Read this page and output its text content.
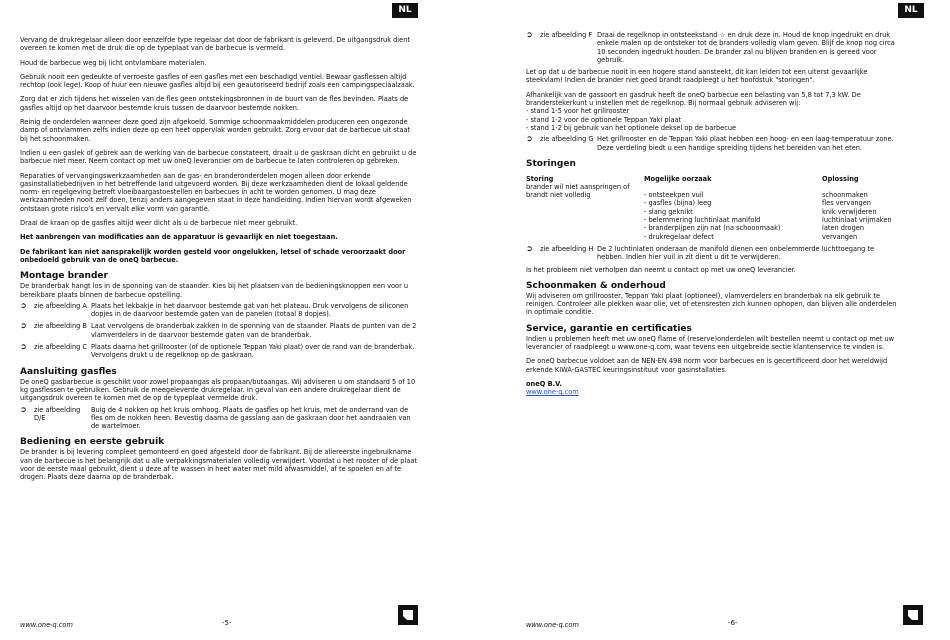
NL

Vervang de drukregelaar alleen door eenzelfde type regelaar dat door de fabrikant is geleverd. De uitgangsdruk dient overeen te komen met de druk die op de typeplaat van de barbecue is vermeld.

Houd de barbecue weg bij licht ontvlambare materialen.

Gebruik nooit een gedeukte of verroeste gasfles of een gasfles met een beschadigd ventiel. Bewaar gasflessen altijd rechtop (ook lege). Koop of huur een nieuwe gasfles altijd bij een geautoriseerd bedrijf zoals een campingspeciaalzaak.

Zorg dat er zich tijdens het wisselen van de fles geen ontstekingsbronnen in de buurt van de fles bevinden. Plaats de gasfles altijd op het daarvoor bestemde kruis tussen de daarvoor bestemde nokken.

Reinig de onderdelen wanneer deze goed zijn afgekoeld. Sommige schoonmaakmiddelen produceren een ongezonde damp of ontvlammen zelfs indien deze op een heet oppervlak worden gebruikt. Zorg ervoor dat de barbecue uit staat bij het schoonmaken.

Indien u een gaslek of gebrek aan de werking van de barbecue constateert, draait u de gaskraan dicht en gebruikt u de barbecue niet meer. Neem contact op met uw oneQ leverancier om de barbecue te laten controleren op gebreken.

Reparaties of vervangingswerkzaamheden aan de gas- en branderonderdelen mogen alleen door erkende gasinstallatiebedrijven in het betreffende land uitgevoerd worden. Bij deze werkzaamheden dient de lokaal geldende norm- en regelgeving betreft vloeibaargastoestellen en barbecues in acht te worden genomen. U mag deze werkzaamheden nooit zelf doen, tenzij anders aangegeven staat in deze handleiding. Indien hiervan wordt afgeweken ontstaan grote risico’s en vervalt elke vorm van garantie.

Draai de kraan op de gasfles altijd weer dicht als u de barbecue niet meer gebruikt.

Het aanbrengen van modificaties aan de apparatuur is gevaarlijk en niet toegestaan.

De fabrikant kan niet aansprakelijk worden gesteld voor ongelukken, letsel of schade veroorzaakt door onbedoeld gebruik van de oneQ barbecue.

Montage brander

De branderbak hangt los in de sponning van de staander. Kies bij het plaatsen van de bedieningsknoppen een voor u bereikbare plaats binnen de barbecue opstelling.

➲	zie afbeelding A Plaats het lekbakje in het daarvoor bestemde gat van het plateau. Druk vervolgens de siliconen dopjes in de daarvoor bestemde gaten van de panelen (totaal 8 dopjes).
➲	zie afbeelding B Laat vervolgens de branderbak zakken in de sponning van de staander. Plaats de punten van de 2 vlamverdelers in de daarvoor bestemde gaten van de branderbak.
➲	zie afbeelding C Plaats daarna het grillrooster (of de optionele Teppan Yaki plaat) over de rand van de branderbak. Vervolgens drukt u de regelknop op de gaskraan.
Aansluiting gasfles

De oneQ gasbarbecue is geschikt voor zowel propaangas als propaan/butaangas. Wij adviseren u om standaard 5 of 10 kg gasflessen te gebruiken. Gebruik de meegeleverde drukregelaar. In geval van een andere drukregelaar dient de uitgangsdruk overeen te komen met de op de typeplaat vermelde druk.

➲	zie afbeelding D/E
Buig de 4 nokken op het kruis omhoog. Plaats de gasfles op het kruis, met de onderrand van de fles om de nokken heen. Bevestig daarna de gasslang aan de gaskraan door het aandraaien van de wartelmoer.
Bediening en eerste gebruik

De brander is bij levering compleet gemonteerd en goed afgesteld door de fabrikant. Bij de allereerste ingebruikname van de barbecue is het belangrijk dat u alle verpakkingsmaterialen volledig verwijdert. Voordat u het rooster of de plaat voor de eerste maal gebruikt, dient u deze af te wassen in heet water met mild afwasmiddel, af te spoelen en af te drogen. Plaats deze daarna op de branderbak.

www.one-q.com	-5-
NL
➲	zie afbeelding F Draai de regelknop in ontsteekstand ☆ en druk deze in. Houd de knop ingedrukt en druk enkele malen op de ontsteker tot de branders volledig vlam geven. Blijf de knop nog circa 10 seconden ingedrukt houden. De brander zal nu blijven branden en is gereed voor gebruik.

Let op dat u de barbecue nooit in een hogere stand aansteekt, dit kan leiden tot een uiterst gevaarlijke steekvlam! Indien de brander niet goed brandt raadpleegt u het hoofdstuk "storingen".

Afhankelijk van de gassoort en gasdruk heeft de oneQ barbecue een belasting van 5,8 tot 7,3 kW. De branderstekerkunt u instellen met de regelknop. Bij normaal gebruik adviseren wij:

- stand 1-5 voor het grillrooster
- stand 1-2 voor de optionele Teppan Yaki plaat
- stand 1-2 bij gebruik van het optionele deksel op de barbecue
➲	zie afbeelding G Het grillrooster en de Teppan Yaki plaat hebben een hoog- en een laag-temperatuur zone. Deze verdeling biedt u een handige spreiding tijdens het bereiden van het eten.
Storingen
Storing	Mogelijke oorzaak	Oplossing
brander wil niet aanspringen of brandt niet volledig		
	- ontsteekpen vuil	schoonmaken
	- gasfles (bijna) leeg	fles vervangen
	- slang geknikt	knik verwijderen
	- belemmering luchtinlaat manifold	luchtinlaat vrijmaken
	- branderpijpen zijn nat (na schoonmaak)	laten drogen
	- drukregelaar defect	vervangen
➲	zie afbeelding H De 2 luchtinlaten onderaan de manifold dienen een onbelemmerde luchttoegang te hebben. Indien hier vuil in zit dient u dit te verwijderen.

Is het probleem niet verholpen dan neemt u contact op met uw oneQ leverancier.

Schoonmaken & onderhoud

Wij adviseren om grillrooster, Teppan Yaki plaat (optioneel), vlamverdelers en branderbak na elk gebruik te reinigen. Controleer alle plekken waar olie, vet of etensresten zich kunnen ophopen, dan blijven alle onderdelen in optimale conditie.

Service, garantie en certificaties

Indien u problemen heeft met uw oneQ flame of (reserve)onderdelen wilt bestellen neemt u contact op met uw leverancier of raadpleegt u www.one-q.com, waar tevens een uitgebreide sectie klantenservice te vinden is.

De oneQ barbecue voldoet aan de NEN-EN 498 norm voor barbecues en is gecertificeerd door het wereldwijd erkende KIWA-GASTEC keuringsinstituut voor gasinstallaties.

oneQ B.V.

www.one-q.com
www.one-q.com	-6-
